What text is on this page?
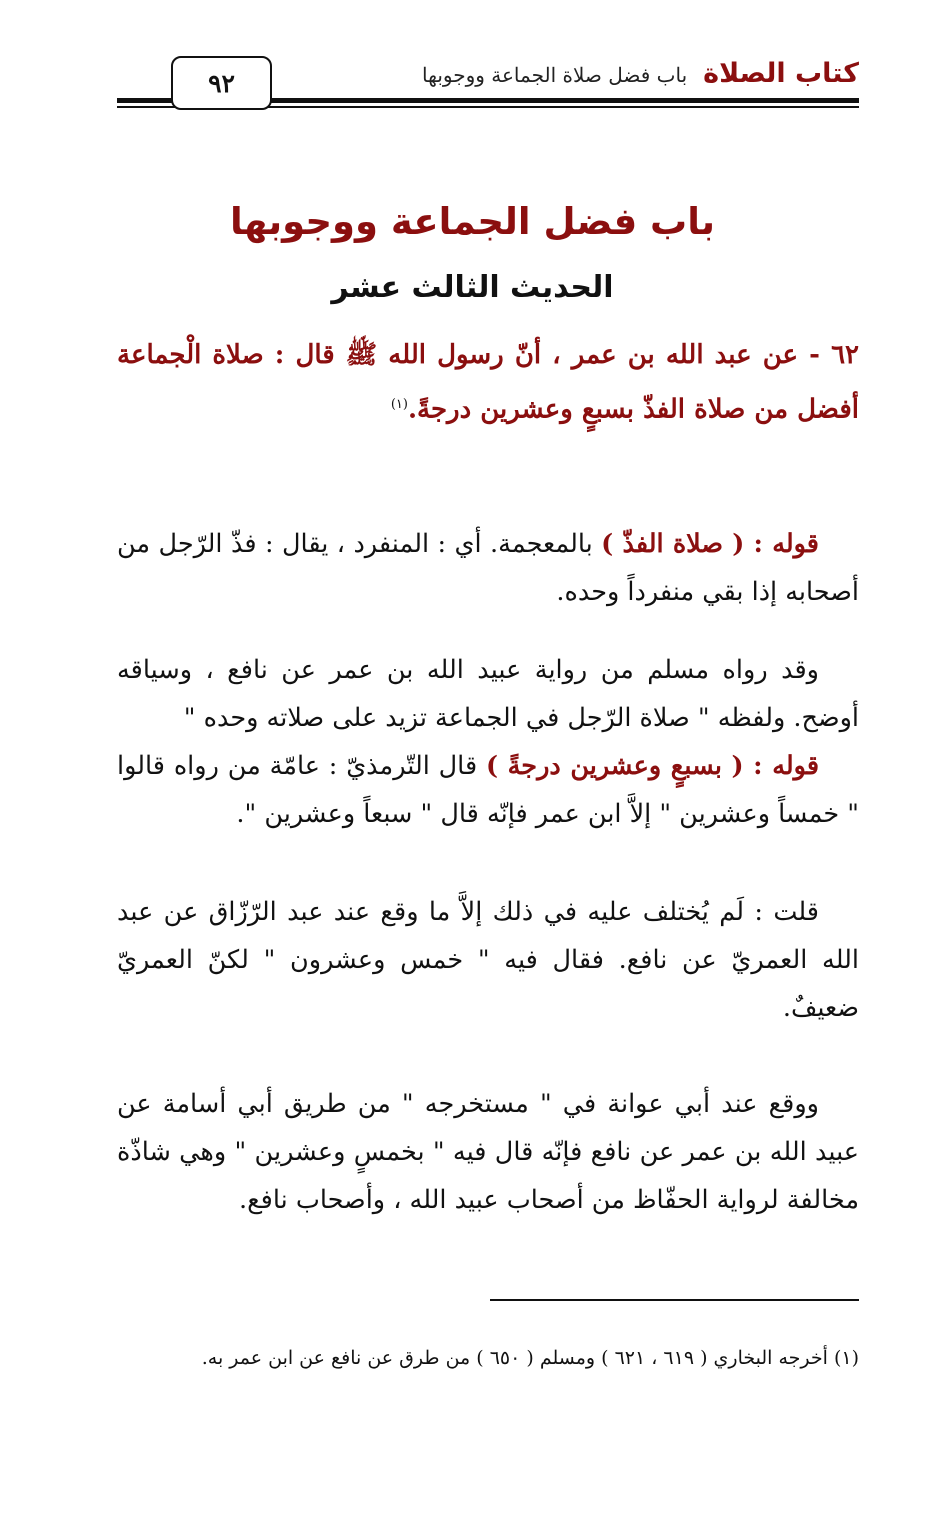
كتاب الصلاة
باب فضل صلاة الجماعة ووجوبها
٩٢
باب فضل الجماعة ووجوبها
الحديث الثالث عشر

٦٢ - عن عبد الله بن عمر ، أنّ رسول الله ﷺ قال : صلاة الْجماعة أفضل من صلاة الفذّ بسبعٍ وعشرين درجةً.$^{(١)}$

قوله : ( صلاة الفذّ ) بالمعجمة. أي : المنفرد ، يقال : فذّ الرّجل من أصحابه إذا بقي منفرداً وحده.

وقد رواه مسلم من رواية عبيد الله بن عمر عن نافع ، وسياقه أوضح. ولفظه " صلاة الرّجل في الجماعة تزيد على صلاته وحده "

قوله : ( بسبعٍ وعشرين درجةً ) قال التّرمذيّ : عامّة من رواه قالوا " خمساً وعشرين " إلاَّ ابن عمر فإنّه قال " سبعاً وعشرين ".

قلت : لَم يُختلف عليه في ذلك إلاَّ ما وقع عند عبد الرّزّاق عن عبد الله العمريّ عن نافع. فقال فيه " خمس وعشرون " لكنّ العمريّ ضعيفٌ.

ووقع عند أبي عوانة في " مستخرجه " من طريق أبي أسامة عن عبيد الله بن عمر عن نافع فإنّه قال فيه " بخمسٍ وعشرين " وهي شاذّة مخالفة لرواية الحفّاظ من أصحاب عبيد الله ، وأصحاب نافع.

(١) أخرجه البخاري ( ٦١٩ ، ٦٢١ ) ومسلم ( ٦٥٠ ) من طرق عن نافع عن ابن عمر به.
